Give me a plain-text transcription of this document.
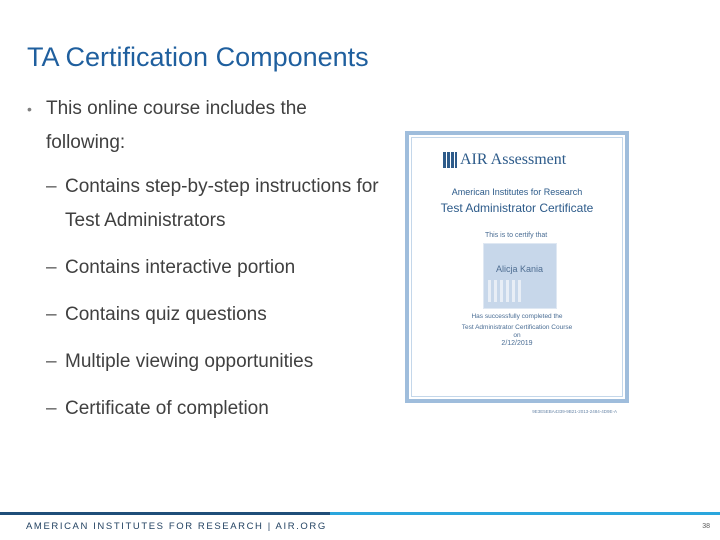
TA Certification Components
• This online course includes the following:
– Contains step-by-step instructions for Test Administrators
– Contains interactive portion
– Contains quiz questions
– Multiple viewing opportunities
– Certificate of completion
AIR Assessment
American Institutes for Research
Test Administrator Certificate
This is to certify that
Alicja Kania
Has successfully completed the
Test Administrator Certification Course
on
2/12/2019
9E3E5EBA4339-9B21-2013-2484-4D9E-A
AMERICAN INSTITUTES FOR RESEARCH | AIR.ORG	38
